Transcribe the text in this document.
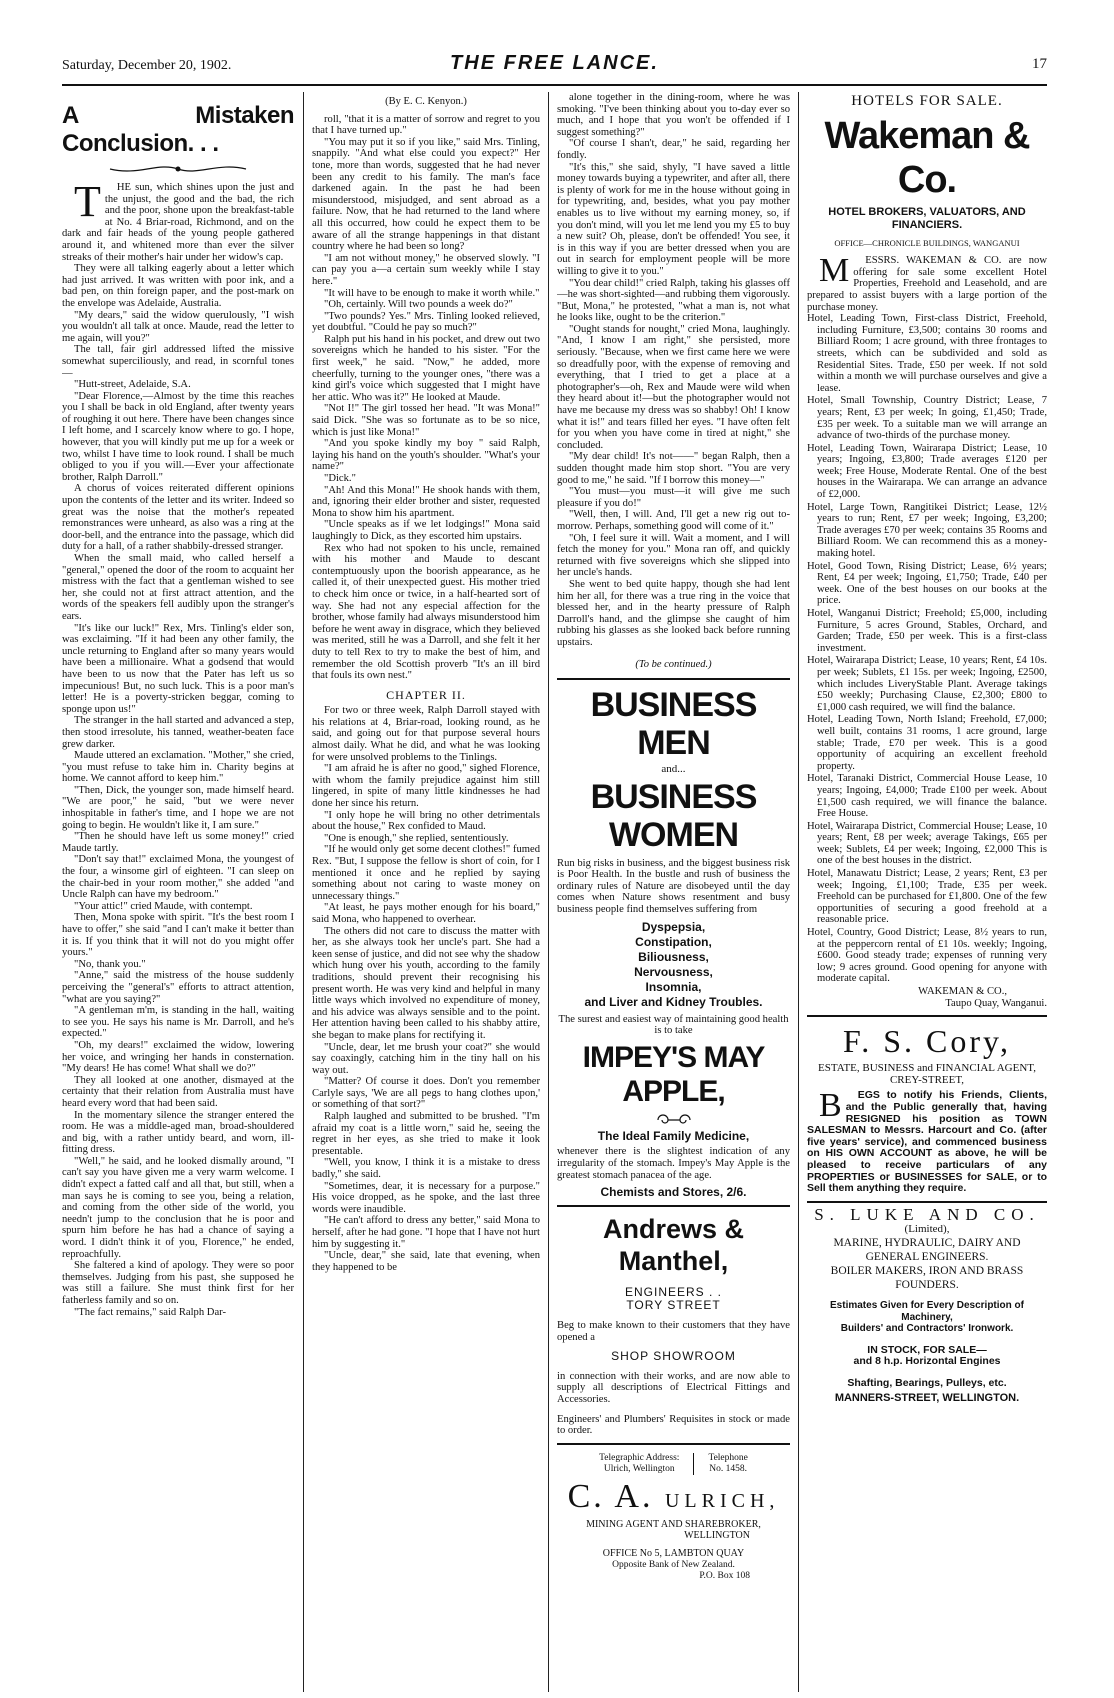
Saturday, December 20, 1902.	THE FREE LANCE.	17
A Mistaken Conclusion. . .

T HE sun, which shines upon the just and the unjust, the good and the bad, the rich and the poor, shone upon the breakfast-table at No. 4 Briar-road, Richmond, and on the dark and fair heads of the young people gathered around it, and whitened more than ever the silver streaks of their mother's hair under her widow's cap.

They were all talking eagerly about a letter which had just arrived. It was written with poor ink, and a bad pen, on thin foreign paper, and the post-mark on the envelope was Adelaide, Australia.

"My dears," said the widow querulously, "I wish you wouldn't all talk at once. Maude, read the letter to me again, will you?"

The tall, fair girl addressed lifted the missive somewhat superciliously, and read, in scornful tones —

"Hutt-street, Adelaide, S.A.

"Dear Florence,—Almost by the time this reaches you I shall be back in old England, after twenty years of roughing it out here. There have been changes since I left home, and I scarcely know where to go. I hope, however, that you will kindly put me up for a week or two, whilst I have time to look round. I shall be much obliged to you if you will.—Ever your affectionate brother, Ralph Darroll."

A chorus of voices reiterated different opinions upon the contents of the letter and its writer. Indeed so great was the noise that the mother's repeated remonstrances were unheard, as also was a ring at the door-bell, and the entrance into the passage, which did duty for a hall, of a rather shabbily-dressed stranger.

When the small maid, who called herself a "general," opened the door of the room to acquaint her mistress with the fact that a gentleman wished to see her, she could not at first attract attention, and the words of the speakers fell audibly upon the stranger's ears.

"It's like our luck!" Rex, Mrs. Tinling's elder son, was exclaiming. "If it had been any other family, the uncle returning to England after so many years would have been a millionaire. What a godsend that would have been to us now that the Pater has left us so impecunious! But, no such luck. This is a poor man's letter! He is a poverty-stricken beggar, coming to sponge upon us!"

The stranger in the hall started and advanced a step, then stood irresolute, his tanned, weather-beaten face grew darker.

Maude uttered an exclamation. "Mother," she cried, "you must refuse to take him in. Charity begins at home. We cannot afford to keep him."

"Then, Dick, the younger son, made himself heard. "We are poor," he said, "but we were never inhospitable in father's time, and I hope we are not going to begin. He wouldn't like it, I am sure."

"Then he should have left us some money!" cried Maude tartly.

"Don't say that!" exclaimed Mona, the youngest of the four, a winsome girl of eighteen. "I can sleep on the chair-bed in your room mother," she added "and Uncle Ralph can have my bedroom."

"Your attic!" cried Maude, with contempt.

Then, Mona spoke with spirit. "It's the best room I have to offer," she said "and I can't make it better than it is. If you think that it will not do you might offer yours."

"No, thank you."

"Anne," said the mistress of the house suddenly perceiving the "general's" efforts to attract attention, "what are you saying?"

"A gentleman m'm, is standing in the hall, waiting to see you. He says his name is Mr. Darroll, and he's expected."

"Oh, my dears!" exclaimed the widow, lowering her voice, and wringing her hands in consternation. "My dears! He has come! What shall we do?"

They all looked at one another, dismayed at the certainty that their relation from Australia must have heard every word that had been said.

In the momentary silence the stranger entered the room. He was a middle-aged man, broad-shouldered and big, with a rather untidy beard, and worn, ill-fitting dress.

"Well," he said, and he looked dismally around, "I can't say you have given me a very warm welcome. I didn't expect a fatted calf and all that, but still, when a man says he is coming to see you, being a relation, and coming from the other side of the world, you needn't jump to the conclusion that he is poor and spurn him before he has had a chance of saying a word. I didn't think it of you, Florence," he ended, reproachfully.

She faltered a kind of apology. They were so poor themselves. Judging from his past, she supposed he was still a failure. She must think first for her fatherless family and so on.

"The fact remains," said Ralph Dar-

(By E. C. Kenyon.)

roll, "that it is a matter of sorrow and regret to you that I have turned up."

"You may put it so if you like," said Mrs. Tinling, snappily. "And what else could you expect?" Her tone, more than words, suggested that he had never been any credit to his family. The man's face darkened again. In the past he had been misunderstood, misjudged, and sent abroad as a failure. Now, that he had returned to the land where all this occurred, how could he expect them to be aware of all the strange happenings in that distant country where he had been so long?

"I am not without money," he observed slowly. "I can pay you a—a certain sum weekly while I stay here."

"It will have to be enough to make it worth while."

"Oh, certainly. Will two pounds a week do?"

"Two pounds? Yes." Mrs. Tinling looked relieved, yet doubtful. "Could he pay so much?"

Ralph put his hand in his pocket, and drew out two sovereigns which he handed to his sister. "For the first week," he said. "Now," he added, more cheerfully, turning to the younger ones, "there was a kind girl's voice which suggested that I might have her attic. Who was it?" He looked at Maude.

"Not I!" The girl tossed her head. "It was Mona!" said Dick. "She was so fortunate as to be so nice, which is just like Mona!"

"And you spoke kindly my boy " said Ralph, laying his hand on the youth's shoulder. "What's your name?"

"Dick."

"Ah! And this Mona!" He shook hands with them, and, ignoring their elder brother and sister, requested Mona to show him his apartment.

"Uncle speaks as if we let lodgings!" Mona said laughingly to Dick, as they escorted him upstairs.

Rex who had not spoken to his uncle, remained with his mother and Maude to descant contemptuously upon the boorish appearance, as he called it, of their unexpected guest. His mother tried to check him once or twice, in a half-hearted sort of way. She had not any especial affection for the brother, whose family had always misunderstood him before he went away in disgrace, which they believed was merited, still he was a Darroll, and she felt it her duty to tell Rex to try to make the best of him, and remember the old Scottish proverb "It's an ill bird that fouls its own nest."

CHAPTER II.

For two or three week, Ralph Darroll stayed with his relations at 4, Briar-road, looking round, as he said, and going out for that purpose several hours almost daily. What he did, and what he was looking for were unsolved problems to the Tinlings.

"I am afraid he is after no good," sighed Florence, with whom the family prejudice against him still lingered, in spite of many little kindnesses he had done her since his return.

"I only hope he will bring no other detrimentals about the house," Rex confided to Maud.

"One is enough," she replied, sententiously.

"If he would only get some decent clothes!" fumed Rex. "But, I suppose the fellow is short of coin, for I mentioned it once and he replied by saying something about not caring to waste money on unnecessary things."

"At least, he pays mother enough for his board," said Mona, who happened to overhear.

The others did not care to discuss the matter with her, as she always took her uncle's part. She had a keen sense of justice, and did not see why the shadow which hung over his youth, according to the family traditions, should prevent their recognising his present worth. He was very kind and helpful in many little ways which involved no expenditure of money, and his advice was always sensible and to the point. Her attention having been called to his shabby attire, she began to make plans for rectifying it.

"Uncle, dear, let me brush your coat?" she would say coaxingly, catching him in the tiny hall on his way out.

"Matter? Of course it does. Don't you remember Carlyle says, 'We are all pegs to hang clothes upon,' or something of that sort?"

Ralph laughed and submitted to be brushed. "I'm afraid my coat is a little worn," said he, seeing the regret in her eyes, as she tried to make it look presentable.

"Well, you know, I think it is a mistake to dress badly," she said.

"Sometimes, dear, it is necessary for a purpose." His voice dropped, as he spoke, and the last three words were inaudible.

"He can't afford to dress any better," said Mona to herself, after he had gone. "I hope that I have not hurt him by suggesting it."

"Uncle, dear," she said, late that evening, when they happened to be

alone together in the dining-room, where he was smoking. "I've been thinking about you to-day ever so much, and I hope that you won't be offended if I suggest something?"

"Of course I shan't, dear," he said, regarding her fondly.

"It's this," she said, shyly, "I have saved a little money towards buying a typewriter, and after all, there is plenty of work for me in the house without going in for typewriting, and, besides, what you pay mother enables us to live without my earning money, so, if you don't mind, will you let me lend you my £5 to buy a new suit? Oh, please, don't be offended! You see, it is in this way if you are better dressed when you are out in search for employment people will be more willing to give it to you."

"You dear child!" cried Ralph, taking his glasses off—he was short-sighted—and rubbing them vigorously. "But, Mona," he protested, "what a man is, not what he looks like, ought to be the criterion."

"Ought stands for nought," cried Mona, laughingly. "And, I know I am right," she persisted, more seriously. "Because, when we first came here we were so dreadfully poor, with the expense of removing and everything, that I tried to get a place at a photographer's—oh, Rex and Maude were wild when they heard about it!—but the photographer would not have me because my dress was so shabby! Oh! I know what it is!" and tears filled her eyes. "I have often felt for you when you have come in tired at night," she concluded.

"My dear child! It's not——" began Ralph, then a sudden thought made him stop short. "You are very good to me," he said. "If I borrow this money—"

"You must—you must—it will give me such pleasure if you do!"

"Well, then, I will. And, I'll get a new rig out to-morrow. Perhaps, something good will come of it."

"Oh, I feel sure it will. Wait a moment, and I will fetch the money for you." Mona ran off, and quickly returned with five sovereigns which she slipped into her uncle's hands.

She went to bed quite happy, though she had lent him her all, for there was a true ring in the voice that blessed her, and in the hearty pressure of Ralph Darroll's hand, and the glimpse she caught of him rubbing his glasses as she looked back before running upstairs.

(To be continued.)
BUSINESS MEN
and...
BUSINESS WOMEN

Run big risks in business, and the biggest business risk is Poor Health. In the bustle and rush of business the ordinary rules of Nature are disobeyed until the day comes when Nature shows resentment and busy business people find themselves suffering from

Dyspepsia,
Constipation,
Biliousness,
Nervousness,
Insomnia,
and Liver and Kidney Troubles.

The surest and easiest way of maintaining good health is to take

IMPEY'S MAY APPLE,
The Ideal Family Medicine,

whenever there is the slightest indication of any irregularity of the stomach. Impey's May Apple is the greatest stomach panacea of the age.

Chemists and Stores, 2/6.
Andrews & Manthel,
ENGINEERS . .
TORY STREET

Beg to make known to their customers that they have opened a

SHOP SHOWROOM

in connection with their works, and are now able to supply all descriptions of Electrical Fittings and Accessories.

Engineers' and Plumbers' Requisites in stock or made to order.

Telegraphic Address:
Ulrich, Wellington
Telephone
No. 1458.
C. A. ULRICH,
MINING AGENT AND SHAREBROKER,
WELLINGTON
OFFICE No 5, LAMBTON QUAY
Opposite Bank of New Zealand.
P.O. Box 108
HOTELS FOR SALE.
Wakeman & Co.
HOTEL BROKERS, VALUATORS, AND FINANCIERS.
OFFICE—CHRONICLE BUILDINGS, WANGANUI

M ESSRS. WAKEMAN & CO. are now offering for sale some excellent Hotel Properties, Freehold and Leasehold, and are prepared to assist buyers with a large portion of the purchase money.

Hotel, Leading Town, First-class District, Freehold, including Furniture, £3,500; contains 30 rooms and Billiard Room; 1 acre ground, with three frontages to streets, which can be subdivided and sold as Residential Sites. Trade, £50 per week. If not sold within a month we will purchase ourselves and give a lease.

Hotel, Small Township, Country District; Lease, 7 years; Rent, £3 per week; In going, £1,450; Trade, £35 per week. To a suitable man we will arrange an advance of two-thirds of the purchase money.

Hotel, Leading Town, Wairarapa District; Lease, 10 years; Ingoing, £3,800; Trade averages £120 per week; Free House, Moderate Rental. One of the best houses in the Wairarapa. We can arrange an advance of £2,000.

Hotel, Large Town, Rangitikei District; Lease, 12½ years to run; Rent, £7 per week; Ingoing, £3,200; Trade averages £70 per week; contains 35 Rooms and Billiard Room. We can recommend this as a money-making hotel.

Hotel, Good Town, Rising District; Lease, 6½ years; Rent, £4 per week; Ingoing, £1,750; Trade, £40 per week. One of the best houses on our books at the price.

Hotel, Wanganui District; Freehold; £5,000, including Furniture, 5 acres Ground, Stables, Orchard, and Garden; Trade, £50 per week. This is a first-class investment.

Hotel, Wairarapa District; Lease, 10 years; Rent, £4 10s. per week; Sublets, £1 15s. per week; Ingoing, £2500, which includes LiveryStable Plant. Average takings £50 weekly; Purchasing Clause, £2,300; £800 to £1,000 cash required, we will find the balance.

Hotel, Leading Town, North Island; Freehold, £7,000; well built, contains 31 rooms, 1 acre ground, large stable; Trade, £70 per week. This is a good opportunity of acquiring an excellent freehold property.

Hotel, Taranaki District, Commercial House Lease, 10 years; Ingoing, £4,000; Trade £100 per week. About £1,500 cash required, we will finance the balance. Free House.

Hotel, Wairarapa District, Commercial House; Lease, 10 years; Rent, £8 per week; average Takings, £65 per week; Sublets, £4 per week; Ingoing, £2,000 This is one of the best houses in the district.

Hotel, Manawatu District; Lease, 2 years; Rent, £3 per week; Ingoing, £1,100; Trade, £35 per week. Freehold can be purchased for £1,800. One of the few opportunities of securing a good freehold at a reasonable price.

Hotel, Country, Good District; Lease, 8½ years to run, at the peppercorn rental of £1 10s. weekly; Ingoing, £600. Good steady trade; expenses of running very low; 9 acres ground. Good opening for anyone with moderate capital.

WAKEMAN & CO.,
Taupo Quay, Wanganui.
F. S. Cory,
ESTATE, BUSINESS and FINANCIAL AGENT,
CREY-STREET,

B EGS to notify his Friends, Clients, and the Public generally that, having RESIGNED his position as TOWN SALESMAN to Messrs. Harcourt and Co. (after five years' service), and commenced business on HIS OWN ACCOUNT as above, he will be pleased to receive particulars of any PROPERTIES or BUSINESSES for SALE, or to Sell them anything they require.

S. LUKE AND CO.
(Limited),
MARINE, HYDRAULIC, DAIRY AND GENERAL ENGINEERS.
BOILER MAKERS, IRON AND BRASS FOUNDERS.
Estimates Given for Every Description of Machinery,
Builders' and Contractors' Ironwork.
IN STOCK, FOR SALE—
and 8 h.p. Horizontal Engines
Shafting, Bearings, Pulleys, etc.
MANNERS-STREET, WELLINGTON.
